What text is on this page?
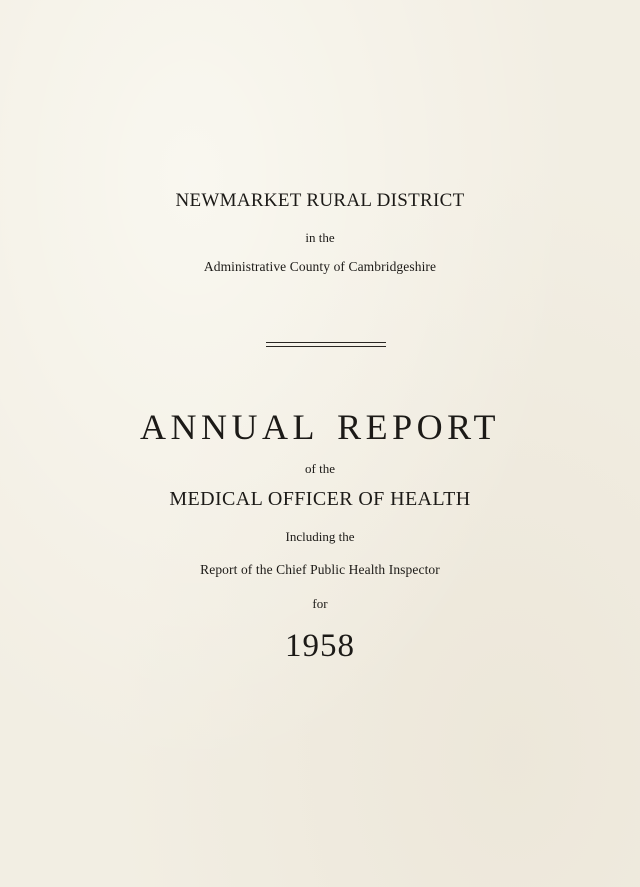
NEWMARKET RURAL DISTRICT
in the
Administrative County of Cambridgeshire
ANNUAL REPORT
of the
MEDICAL OFFICER OF HEALTH
Including the
Report of the Chief Public Health Inspector
for
1958
